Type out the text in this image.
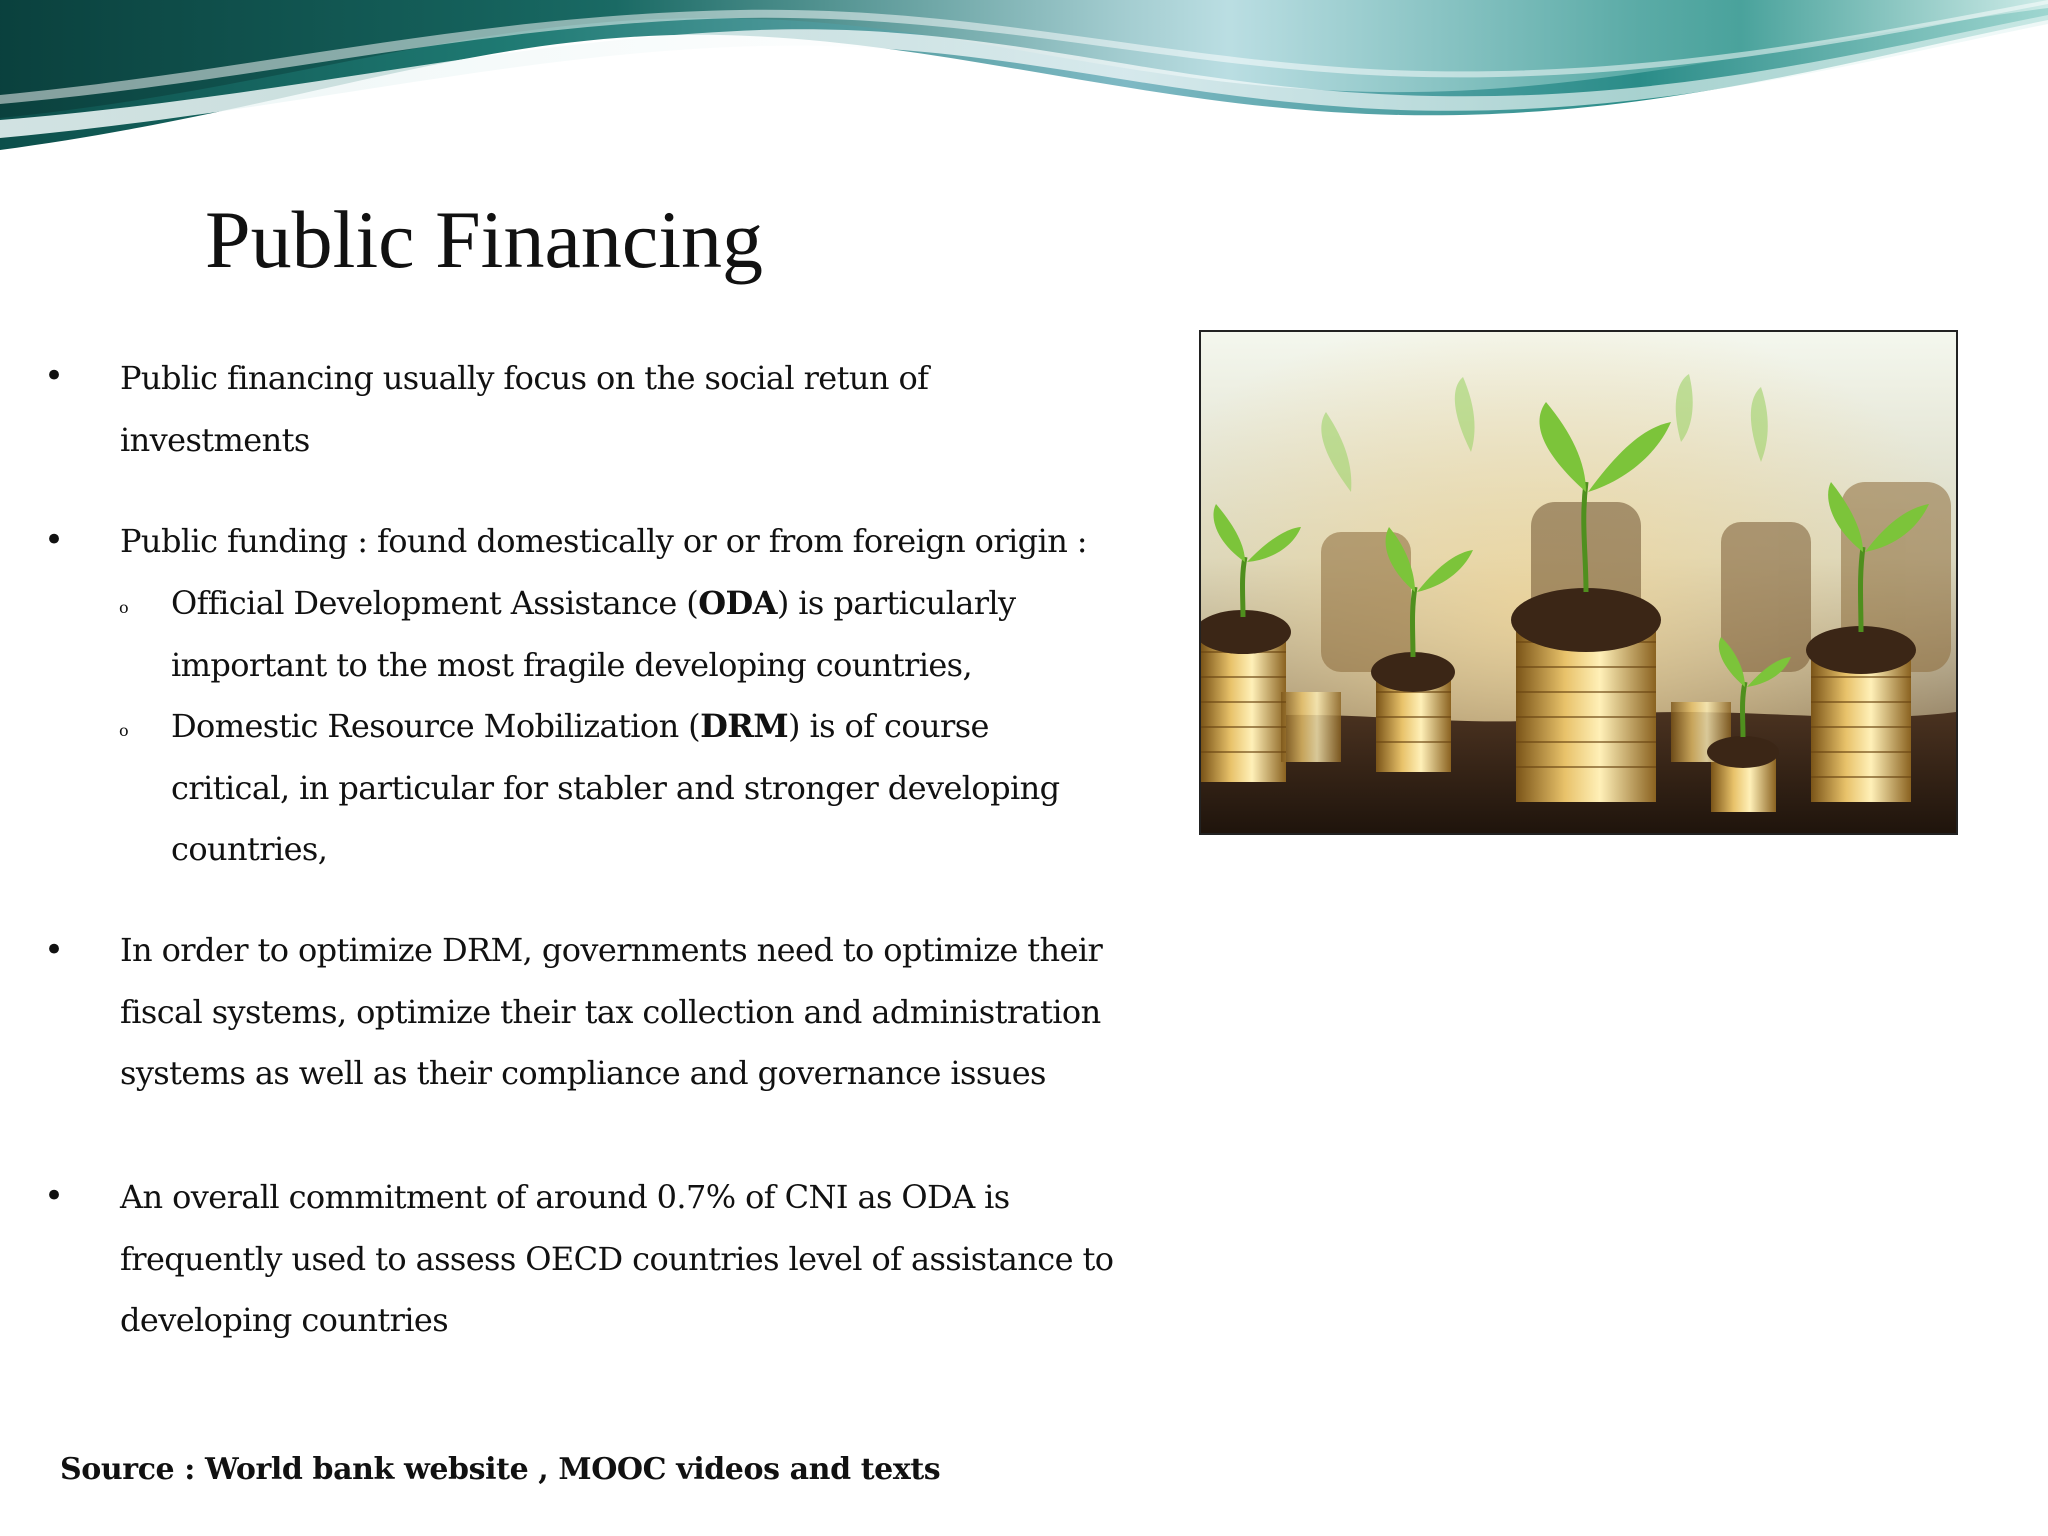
Public Financing
• Public financing usually focus on the social retun of
investments
• Public funding : found domestically or or from foreign origin :
o Official Development Assistance (ODA) is particularly
important to the most fragile developing countries,
o Domestic Resource Mobilization (DRM) is of course
critical, in particular for stabler and stronger developing
countries,
• In order to optimize DRM, governments need to optimize their
fiscal systems, optimize their tax collection and administration
systems as well as their compliance and governance issues
• An overall commitment of around 0.7% of CNI as ODA is
frequently used to assess OECD countries level of assistance to
developing countries
Source : World bank website , MOOC videos and texts
